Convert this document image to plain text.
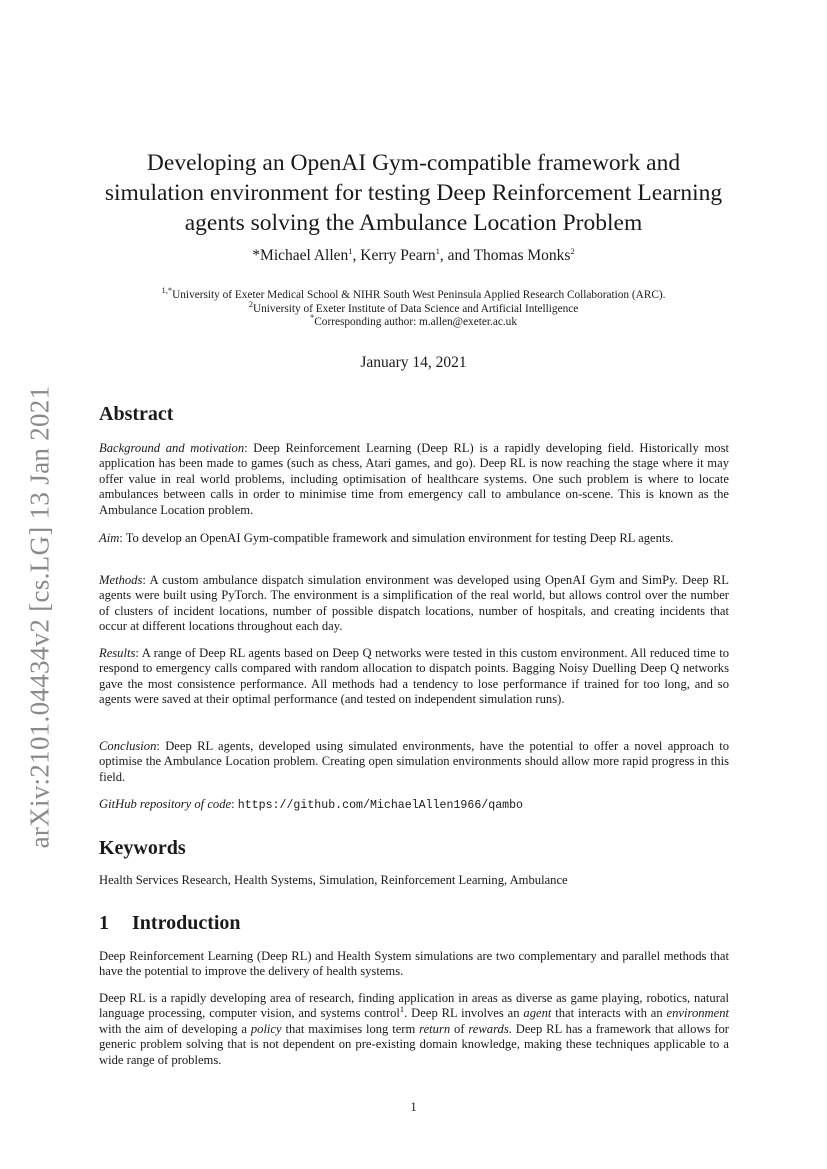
arXiv:2101.04434v2 [cs.LG] 13 Jan 2021
Developing an OpenAI Gym-compatible framework and
simulation environment for testing Deep Reinforcement Learning
agents solving the Ambulance Location Problem
*Michael Allen$^1$, Kerry Pearn$^1$, and Thomas Monks$^2$
$^{1,*}$University of Exeter Medical School & NIHR South West Peninsula Applied Research Collaboration (ARC).
$^2$University of Exeter Institute of Data Science and Artificial Intelligence
*Corresponding author: m.allen@exeter.ac.uk
January 14, 2021
Abstract

Background and motivation: Deep Reinforcement Learning (Deep RL) is a rapidly developing field. Historically most application has been made to games (such as chess, Atari games, and go). Deep RL is now reaching the stage where it may offer value in real world problems, including optimisation of healthcare systems. One such problem is where to locate ambulances between calls in order to minimise time from emergency call to ambulance on-scene. This is known as the Ambulance Location problem.

Aim: To develop an OpenAI Gym-compatible framework and simulation environment for testing Deep RL agents.

Methods: A custom ambulance dispatch simulation environment was developed using OpenAI Gym and SimPy. Deep RL agents were built using PyTorch. The environment is a simplification of the real world, but allows control over the number of clusters of incident locations, number of possible dispatch locations, number of hospitals, and creating incidents that occur at different locations throughout each day.

Results: A range of Deep RL agents based on Deep Q networks were tested in this custom environment. All reduced time to respond to emergency calls compared with random allocation to dispatch points. Bagging Noisy Duelling Deep Q networks gave the most consistence performance. All methods had a tendency to lose performance if trained for too long, and so agents were saved at their optimal performance (and tested on independent simulation runs).

Conclusion: Deep RL agents, developed using simulated environments, have the potential to offer a novel approach to optimise the Ambulance Location problem. Creating open simulation environments should allow more rapid progress in this field.

GitHub repository of code: https://github.com/MichaelAllen1966/qambo

Keywords

Health Services Research, Health Systems, Simulation, Reinforcement Learning, Ambulance

1 Introduction

Deep Reinforcement Learning (Deep RL) and Health System simulations are two complementary and parallel methods that have the potential to improve the delivery of health systems.

Deep RL is a rapidly developing area of research, finding application in areas as diverse as game playing, robotics, natural language processing, computer vision, and systems control$^1$. Deep RL involves an agent that interacts with an environment with the aim of developing a policy that maximises long term return of rewards. Deep RL has a framework that allows for generic problem solving that is not dependent on pre-existing domain knowledge, making these techniques applicable to a wide range of problems.

1
